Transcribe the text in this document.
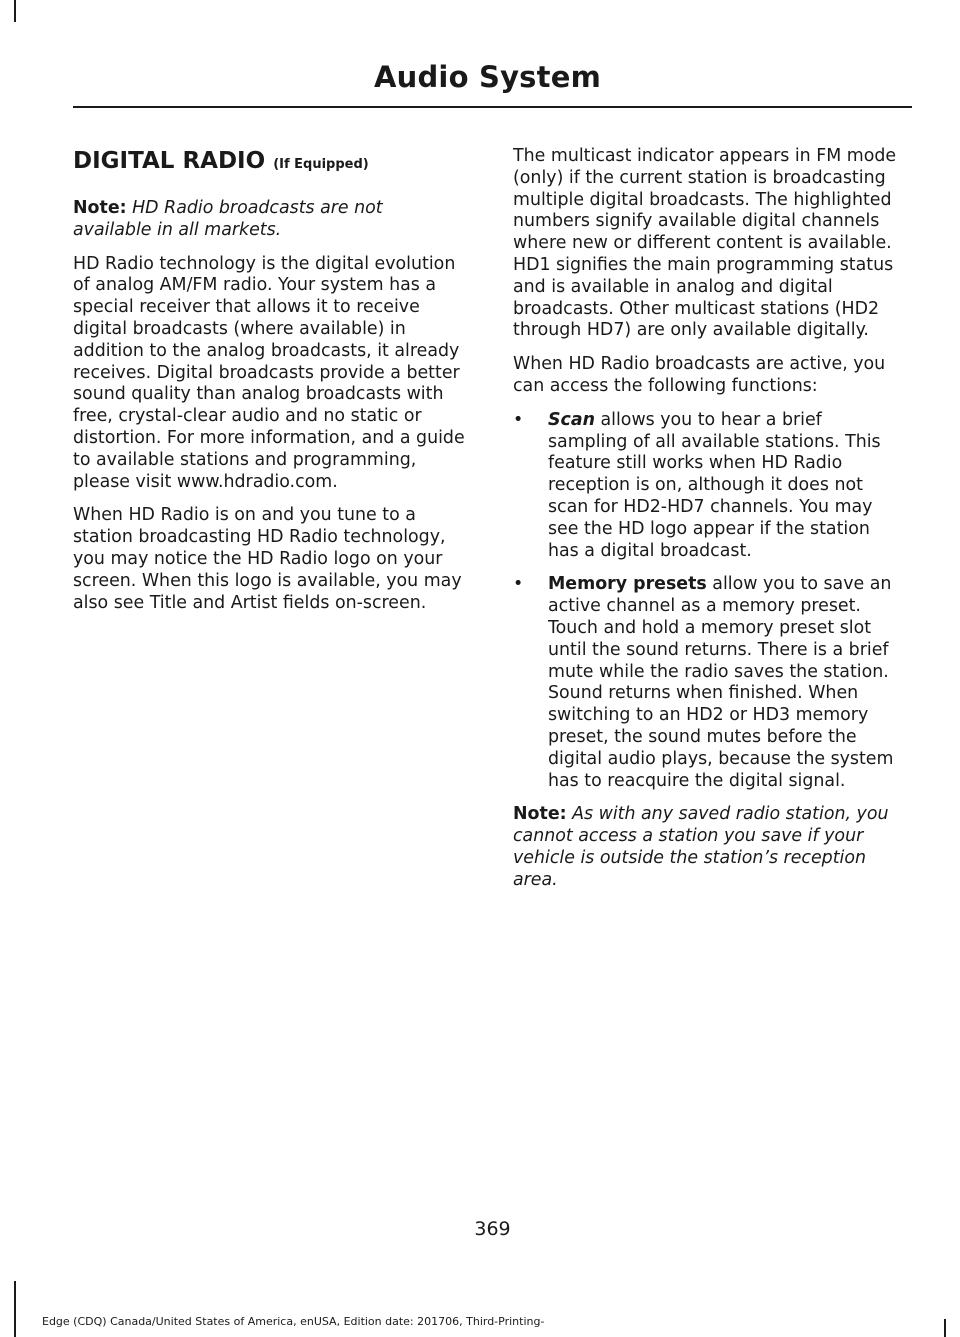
Audio System
DIGITAL RADIO (If Equipped)

Note: HD Radio broadcasts are not available in all markets.

HD Radio technology is the digital evolution of analog AM/FM radio. Your system has a special receiver that allows it to receive digital broadcasts (where available) in addition to the analog broadcasts, it already receives. Digital broadcasts provide a better sound quality than analog broadcasts with free, crystal-clear audio and no static or distortion. For more information, and a guide to available stations and programming, please visit www.hdradio.com.

When HD Radio is on and you tune to a station broadcasting HD Radio technology, you may notice the HD Radio logo on your screen. When this logo is available, you may also see Title and Artist fields on-screen.

The multicast indicator appears in FM mode (only) if the current station is broadcasting multiple digital broadcasts. The highlighted numbers signify available digital channels where new or different content is available. HD1 signifies the main programming status and is available in analog and digital broadcasts. Other multicast stations (HD2 through HD7) are only available digitally.

When HD Radio broadcasts are active, you can access the following functions:

• Scan allows you to hear a brief sampling of all available stations. This feature still works when HD Radio reception is on, although it does not scan for HD2-HD7 channels. You may see the HD logo appear if the station has a digital broadcast.
• Memory presets allow you to save an active channel as a memory preset. Touch and hold a memory preset slot until the sound returns. There is a brief mute while the radio saves the station. Sound returns when finished. When switching to an HD2 or HD3 memory preset, the sound mutes before the digital audio plays, because the system has to reacquire the digital signal.

Note: As with any saved radio station, you cannot access a station you save if your vehicle is outside the station’s reception area.

369
Edge (CDQ) Canada/United States of America, enUSA, Edition date: 201706, Third-Printing-
